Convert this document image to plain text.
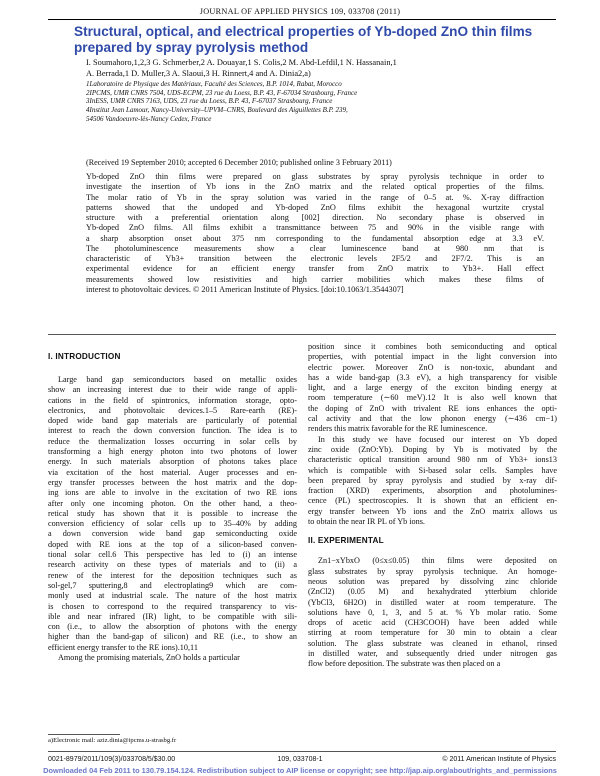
JOURNAL OF APPLIED PHYSICS 109, 033708 (2011)
Structural, optical, and electrical properties of Yb-doped ZnO thin films prepared by spray pyrolysis method
I. Soumahoro,1,2,3 G. Schmerber,2 A. Douayar,1 S. Colis,2 M. Abd-Lefdil,1 N. Hassanain,1
A. Berrada,1 D. Muller,3 A. Slaoui,3 H. Rinnert,4 and A. Dinia2,a)
1Laboratoire de Physique des Matériaux, Faculté des Sciences, B.P. 1014, Rabat, Morocco
2IPCMS, UMR CNRS 7504, UDS-ECPM, 23 rue du Loess, B.P. 43, F-67034 Strasbourg, France
3InESS, UMR CNRS 7163, UDS, 23 rue du Loess, B.P. 43, F-67037 Strasbourg, France
4Institut Jean Lamour, Nancy-University–UPVM–CNRS, Boulevard des Aiguillettes B.P. 239,
54506 Vandoeuvre-lès-Nancy Cedex, France
(Received 19 September 2010; accepted 6 December 2010; published online 3 February 2011)
Yb-doped ZnO thin films were prepared on glass substrates by spray pyrolysis technique in order to
investigate the insertion of Yb ions in the ZnO matrix and the related optical properties of the films.
The molar ratio of Yb in the spray solution was varied in the range of 0–5 at. %. X-ray diffraction
patterns showed that the undoped and Yb-doped ZnO films exhibit the hexagonal wurtzite crystal
structure with a preferential orientation along [002] direction. No secondary phase is observed in
Yb-doped ZnO films. All films exhibit a transmittance between 75 and 90% in the visible range with
a sharp absorption onset about 375 nm corresponding to the fundamental absorption edge at 3.3 eV.
The photoluminescence measurements show a clear luminescence band at 980 nm that is
characteristic of Yb3+ transition between the electronic levels 2F5/2 and 2F7/2. This is an
experimental evidence for an efficient energy transfer from ZnO matrix to Yb3+. Hall effect
measurements showed low resistivities and high carrier mobilities which makes these films of
interest to photovoltaic devices. © 2011 American Institute of Physics. [doi:10.1063/1.3544307]
I. INTRODUCTION
Large band gap semiconductors based on metallic oxides
show an increasing interest due to their wide range of appli-
cations in the field of spintronics, information storage, opto-
electronics, and photovoltaic devices.1–5 Rare-earth (RE)-
doped wide band gap materials are particularly of potential
interest to reach the down conversion function. The idea is to
reduce the thermalization losses occurring in solar cells by
transforming a high energy photon into two photons of lower
energy. In such materials absorption of photons takes place
via excitation of the host material. Auger processes and en-
ergy transfer processes between the host matrix and the dop-
ing ions are able to involve in the excitation of two RE ions
after only one incoming photon. On the other hand, a theo-
retical study has shown that it is possible to increase the
conversion efficiency of solar cells up to 35–40% by adding
a down conversion wide band gap semiconducting oxide
doped with RE ions at the top of a silicon-based conven-
tional solar cell.6 This perspective has led to (i) an intense
research activity on these types of materials and to (ii) a
renew of the interest for the deposition techniques such as
sol-gel,7 sputtering,8 and electroplating9 which are com-
monly used at industrial scale. The nature of the host matrix
is chosen to correspond to the required transparency to vis-
ible and near infrared (IR) light, to be compatible with sili-
con (i.e., to allow the absorption of photons with the energy
higher than the band-gap of silicon) and RE (i.e., to show an
efficient energy transfer to the RE ions).10,11
Among the promising materials, ZnO holds a particular
position since it combines both semiconducting and optical
properties, with potential impact in the light conversion into
electric power. Moreover ZnO is non-toxic, abundant and
has a wide band-gap (3.3 eV), a high transparency for visible
light, and a large energy of the exciton binding energy at
room temperature (∼60 meV).12 It is also well known that
the doping of ZnO with trivalent RE ions enhances the opti-
cal activity and that the low phonon energy (∼436 cm−1)
renders this matrix favorable for the RE luminescence.
In this study we have focused our interest on Yb doped
zinc oxide (ZnO:Yb). Doping by Yb is motivated by the
characteristic optical transition around 980 nm of Yb3+ ions13
which is compatible with Si-based solar cells. Samples have
been prepared by spray pyrolysis and studied by x-ray dif-
fraction (XRD) experiments, absorption and photolumines-
cence (PL) spectroscopies. It is shown that an efficient en-
ergy transfer between Yb ions and the ZnO matrix allows us
to obtain the near IR PL of Yb ions.
II. EXPERIMENTAL
Zn1−xYbxO (0≤x≤0.05) thin films were deposited on
glass substrates by spray pyrolysis technique. An homoge-
neous solution was prepared by dissolving zinc chloride
(ZnCl2) (0.05 M) and hexahydrated ytterbium chloride
(YbCl3, 6H2O) in distilled water at room temperature. The
solutions have 0, 1, 3, and 5 at. % Yb molar ratio. Some
drops of acetic acid (CH3COOH) have been added while
stirring at room temperature for 30 min to obtain a clear
solution. The glass substrate was cleaned in ethanol, rinsed
in distilled water, and subsequently dried under nitrogen gas
flow before deposition. The substrate was then placed on a
a)Electronic mail: aziz.dinia@ipcms.u-strasbg.fr
0021-8979/2011/109(3)/033708/5/$30.00	109, 033708-1	© 2011 American Institute of Physics
Downloaded 04 Feb 2011 to 130.79.154.124. Redistribution subject to AIP license or copyright; see http://jap.aip.org/about/rights_and_permissions
